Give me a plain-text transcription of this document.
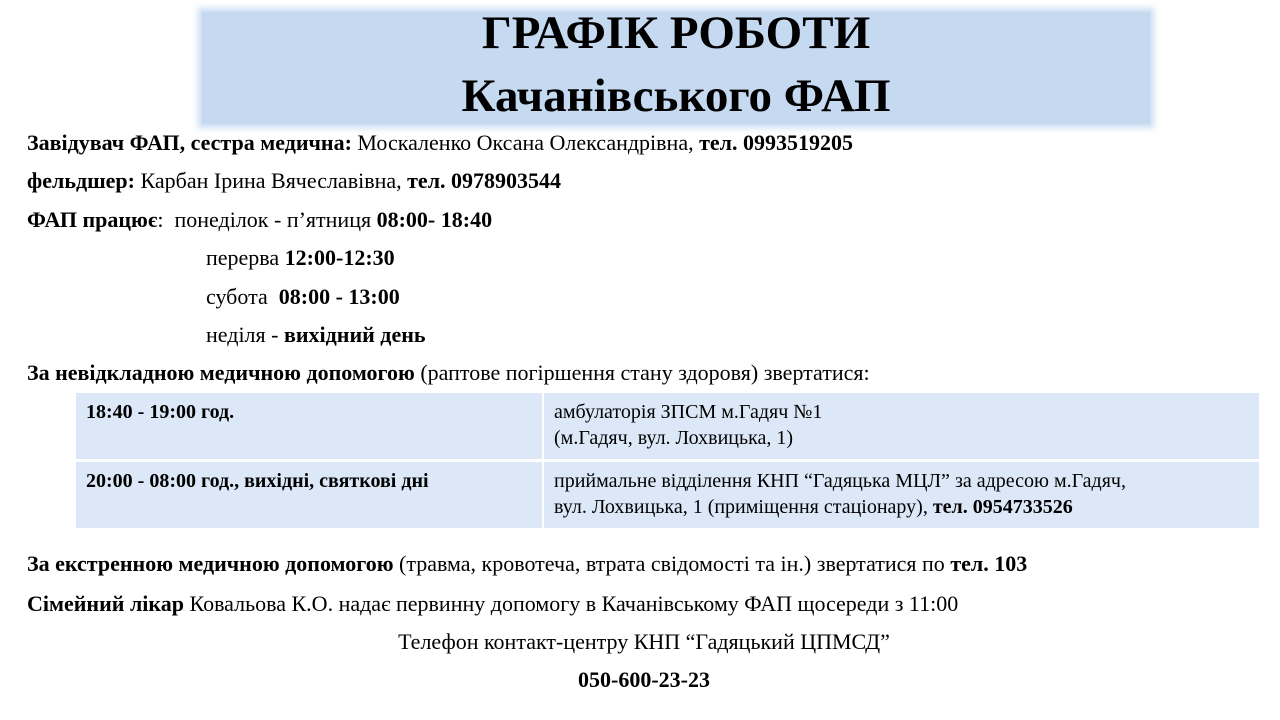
ГРАФІК РОБОТИ
Качанівського ФАП
Завідувач ФАП, сестра медична: Москаленко Оксана Олександрівна, тел. 0993519205
фельдшер: Карбан Ірина Вячеславівна, тел. 0978903544
ФАП працює:  понеділок - п’ятниця 08:00- 18:40
перерва 12:00-12:30
субота  08:00 - 13:00
неділя - вихідний день
За невідкладною медичною допомогою (раптове погіршення стану здоровя) звертатися:
18:40 - 19:00 год.	амбулаторія ЗПСМ м.Гадяч №1
(м.Гадяч, вул. Лохвицька, 1)

20:00 - 08:00 год., вихідні, святкові дні	приймальне відділення КНП “Гадяцька МЦЛ” за адресою м.Гадяч,
вул. Лохвицька, 1 (приміщення стаціонару), тел. 0954733526
За екстренною медичною допомогою (травма, кровотеча, втрата свідомості та ін.) звертатися по тел. 103
Сімейний лікар Ковальова К.О. надає первинну допомогу в Качанівському ФАП щосереди з 11:00
Телефон контакт-центру КНП “Гадяцький ЦПМСД”
050-600-23-23
